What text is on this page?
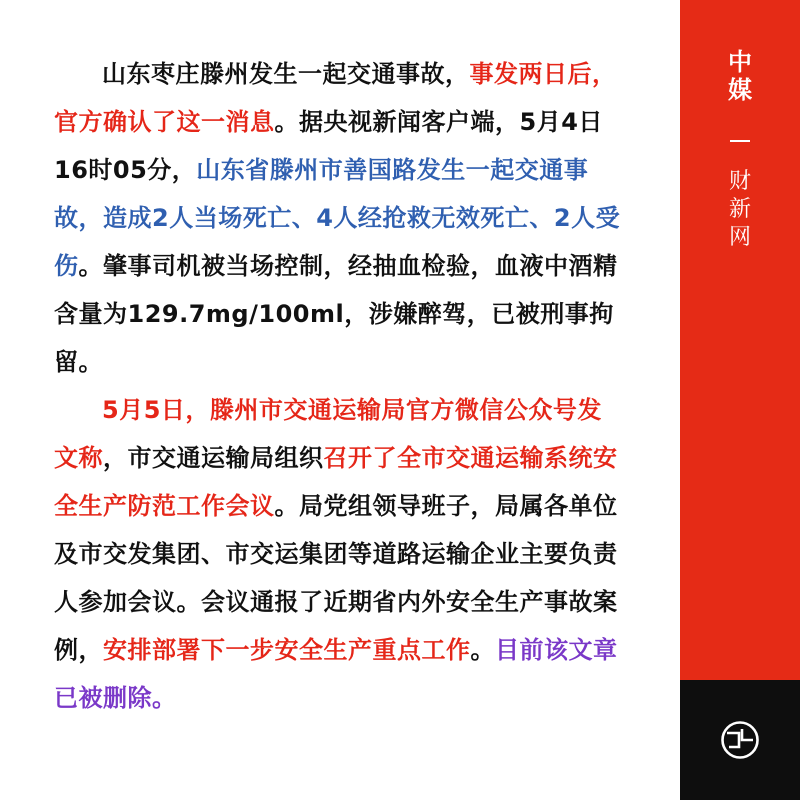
山东枣庄滕州发生一起交通事故，事发两日后，官方确认了这一消息。据央视新闻客户端，5月4日16时05分，山东省滕州市善国路发生一起交通事故，造成2人当场死亡、4人经抢救无效死亡、2人受伤。肇事司机被当场控制，经抽血检验，血液中酒精含量为129.7mg/100ml，涉嫌醉驾，已被刑事拘留。

5月5日，滕州市交通运输局官方微信公众号发文称，市交通运输局组织召开了全市交通运输系统安全生产防范工作会议。局党组领导班子，局属各单位及市交发集团、市交运集团等道路运输企业主要负责人参加会议。会议通报了近期省内外安全生产事故案例，安排部署下一步安全生产重点工作。目前该文章已被删除。

中
媒
财
新
网
